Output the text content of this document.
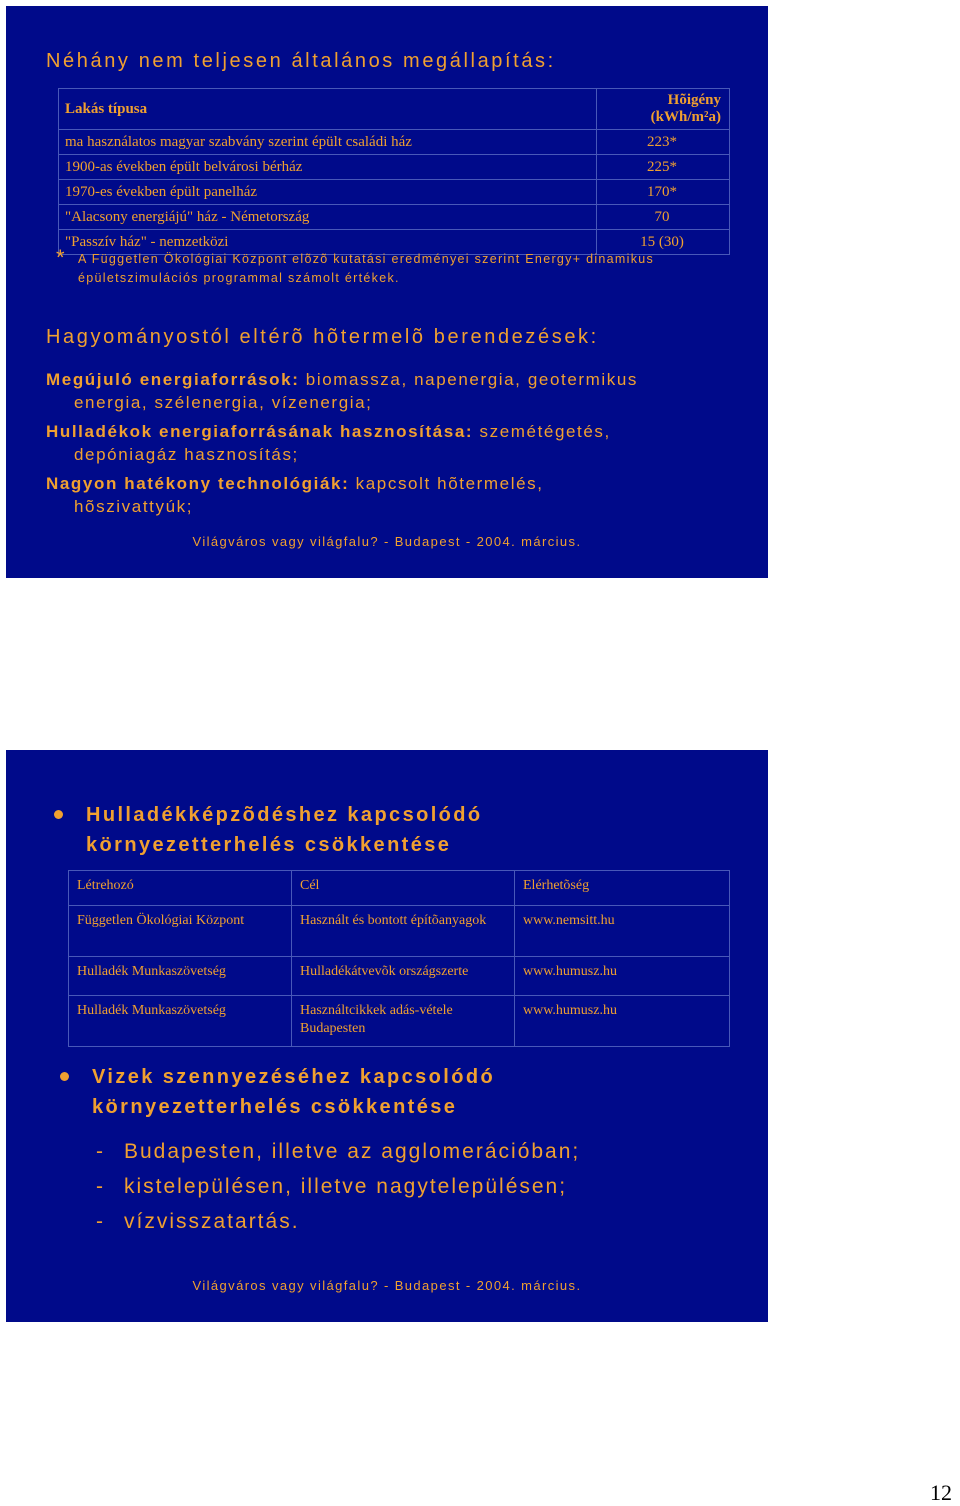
Néhány nem teljesen általános megállapítás:
Lakás típusa	Hõigény (kWh/m²a)
ma használatos magyar szabvány szerint épült családi ház	223*
1900-as években épült belvárosi bérház	225*
1970-es években épült panelház	170*
"Alacsony energiájú" ház - Németország	70
"Passzív ház" - nemzetközi	15 (30)
* A Független Ökológiai Központ elõzõ kutatási eredményei szerint Energy+ dinamikus épületszimulációs programmal számolt értékek.
Hagyományostól eltérõ hõtermelõ berendezések:
Megújuló energiaforrások: biomassza, napenergia, geotermikus
energia, szélenergia, vízenergia;
Hulladékok energiaforrásának hasznosítása: szemétégetés,
depóniagáz hasznosítás;
Nagyon hatékony technológiák: kapcsolt hõtermelés,
hõszivattyúk;
Világváros vagy világfalu? - Budapest - 2004. március.
Hulladékképzõdéshez kapcsolódó
környezetterhelés csökkentése
Létrehozó	Cél	Elérhetõség
Független Ökológiai Központ	Használt és bontott építõanyagok	www.nemsitt.hu
Hulladék Munkaszövetség	Hulladékátvevõk országszerte	www.humusz.hu
Hulladék Munkaszövetség	Használtcikkek adás-vétele Budapesten	www.humusz.hu
Vizek szennyezéséhez kapcsolódó
környezetterhelés csökkentése
- Budapesten, illetve az agglomerációban;
- kistelepülésen, illetve nagytelepülésen;
- vízvisszatartás.
Világváros vagy világfalu? - Budapest - 2004. március.
12
